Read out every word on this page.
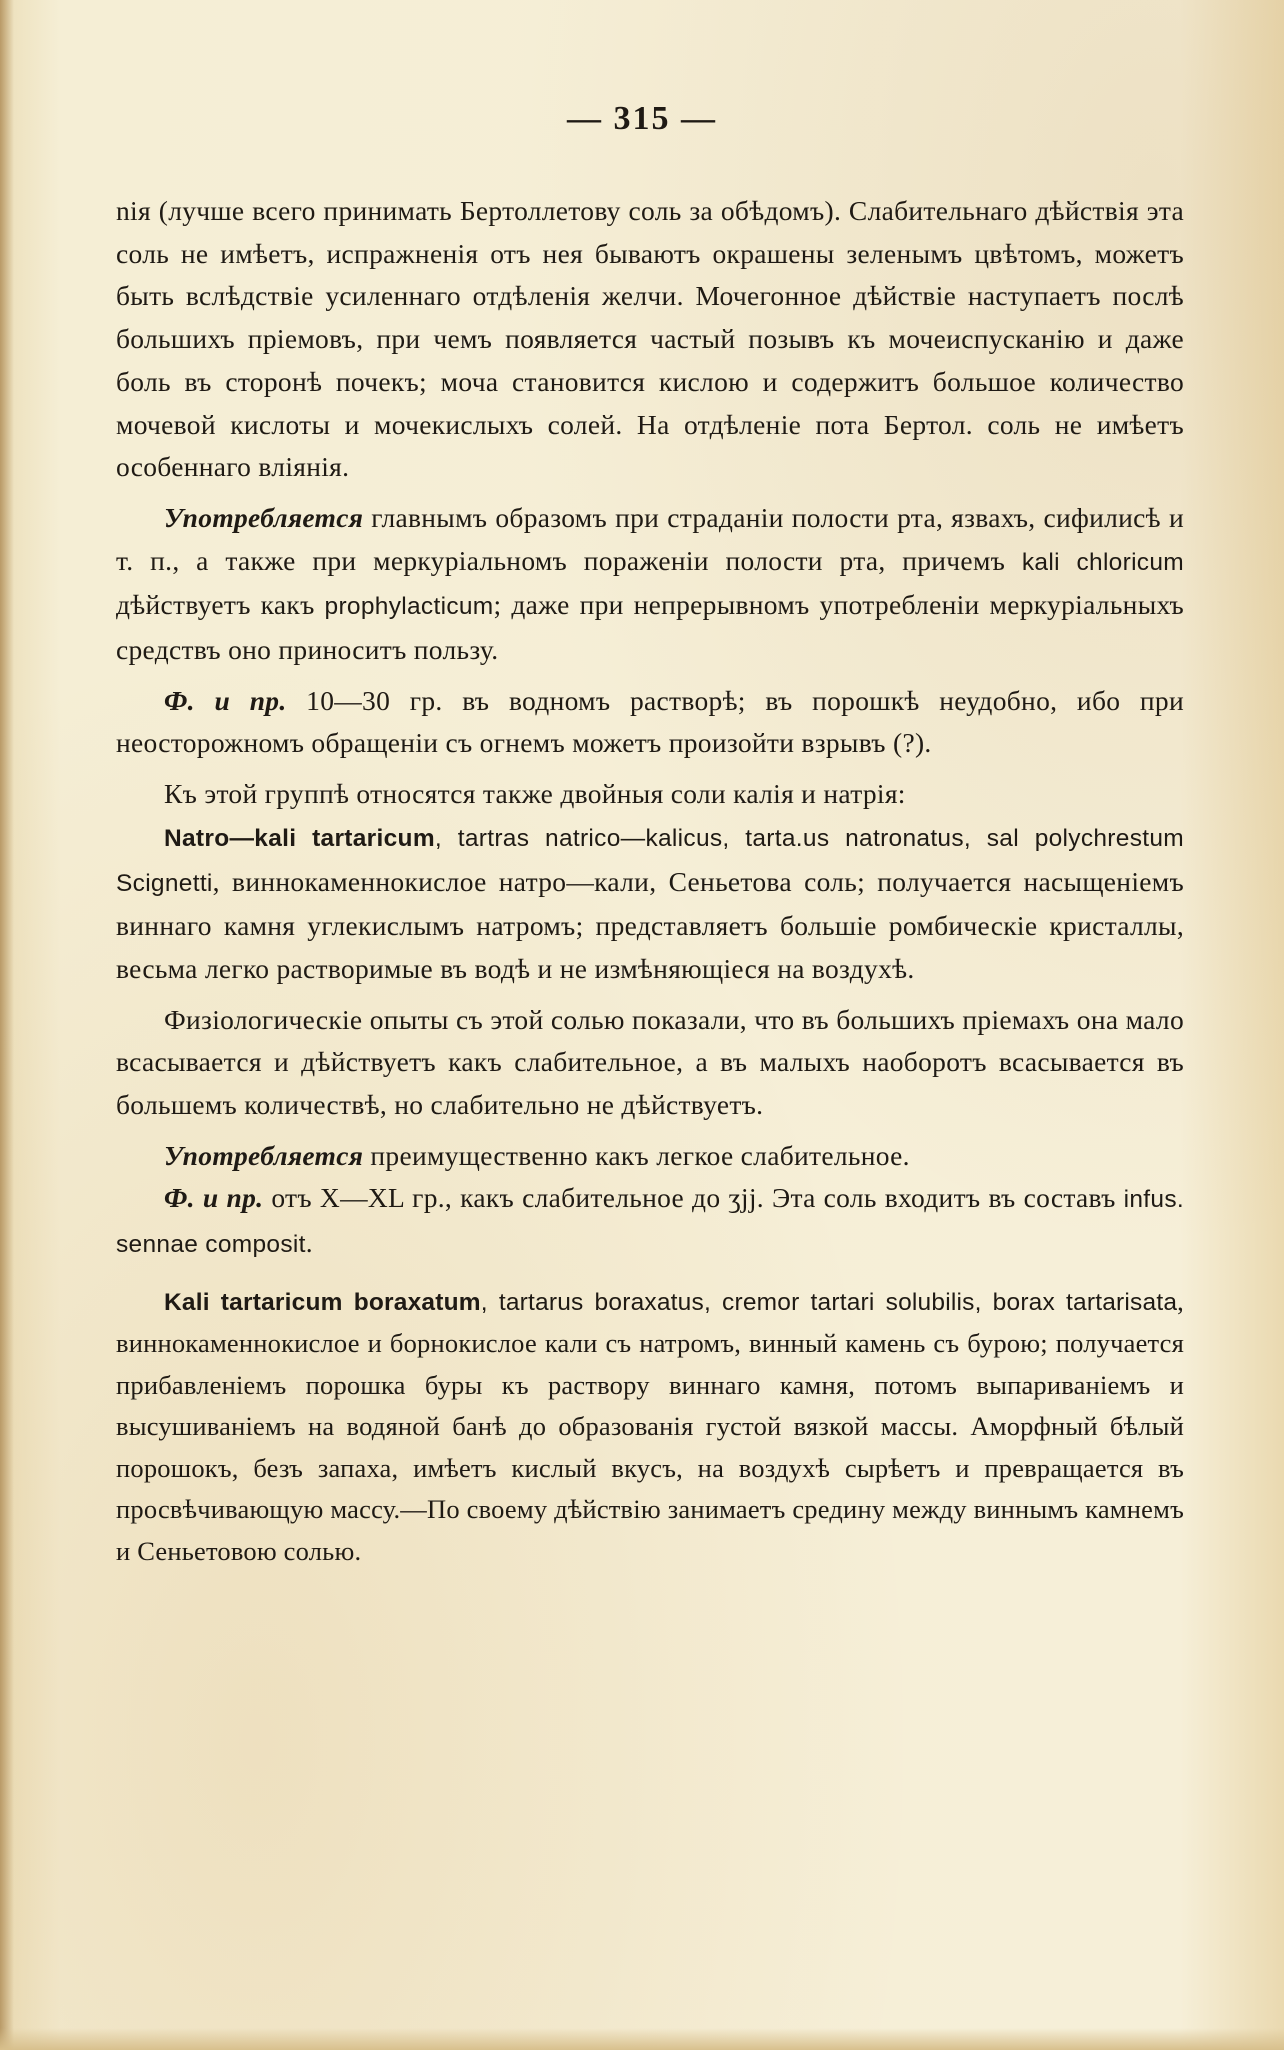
— 315 —

nія (лучше всего принимать Бертоллетову соль за обѣдомъ). Слабительнаго дѣйствія эта соль не имѣетъ, испражненія отъ нея бываютъ окрашены зеленымъ цвѣтомъ, можетъ быть вслѣдствіе усиленнаго отдѣленія желчи. Мочегонное дѣйствіе наступаетъ послѣ большихъ пріемовъ, при чемъ появляется частый позывъ къ мочеиспусканію и даже боль въ сторонѣ почекъ; моча становится кислою и содержитъ большое количество мочевой кислоты и мочекислыхъ солей. На отдѣленіе пота Бертол. соль не имѣетъ особеннаго вліянія.

Употребляется главнымъ образомъ при страданіи полости рта, язвахъ, сифилисѣ и т. п., а также при меркуріальномъ пораженіи полости рта, причемъ kali chloricum дѣйствуетъ какъ prophylacticum; даже при непрерывномъ употребленіи меркуріальныхъ средствъ оно приноситъ пользу.

Ф. и пр. 10—30 гр. въ водномъ растворѣ; въ порошкѣ неудобно, ибо при неосторожномъ обращеніи съ огнемъ можетъ произойти взрывъ (?).

Къ этой группѣ относятся также двойныя соли калія и натрія:

Natro—kali tartaricum, tartras natrico—kalicus, tarta.us natronatus, sal polychrestum Scignetti, виннокаменнокислое натро—кали, Сеньетова соль; получается насыщеніемъ виннаго камня углекислымъ натромъ; представляетъ большіе ромбическіе кристаллы, весьма легко растворимые въ водѣ и не измѣняющіеся на воздухѣ.

Физіологическіе опыты съ этой солью показали, что въ большихъ пріемахъ она мало всасывается и дѣйствуетъ какъ слабительное, а въ малыхъ наоборотъ всасывается въ большемъ количествѣ, но слабительно не дѣйствуетъ.

Употребляется преимущественно какъ легкое слабительное.

Ф. и пр. отъ X—XL гр., какъ слабительное до ʒjj. Эта соль входитъ въ составъ infus. sennae composit.

Kali tartaricum boraxatum, tartarus boraxatus, cremor tartari solubilis, borax tartarisata, виннокаменнокислое и борнокислое кали съ натромъ, винный камень съ бурою; получается прибавленіемъ порошка буры къ раствору виннаго камня, потомъ выпариваніемъ и высушиваніемъ на водяной банѣ до образованія густой вязкой массы. Аморфный бѣлый порошокъ, безъ запаха, имѣетъ кислый вкусъ, на воздухѣ сырѣетъ и превращается въ просвѣчивающую массу.—По своему дѣйствію занимаетъ средину между виннымъ камнемъ и Сеньетовою солью.
